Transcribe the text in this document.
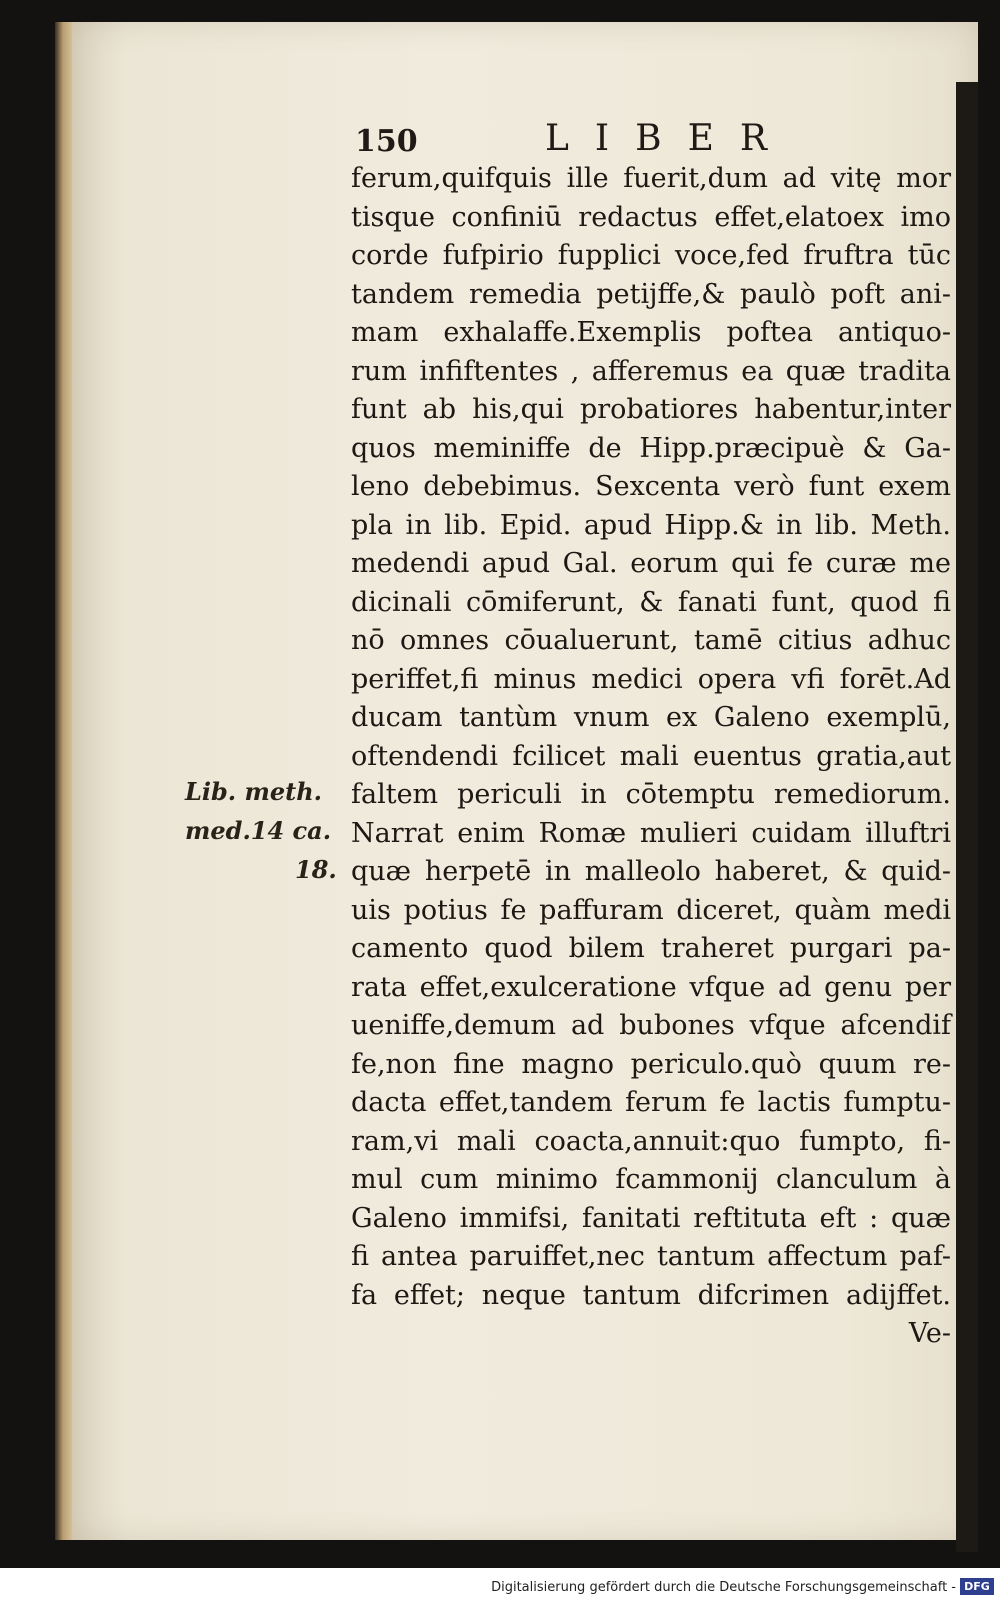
150	LIBER
ferum,quifquis ille fuerit,dum ad vitę mor
tisque confiniū redactus effet,elatoex imo
corde fufpirio fupplici voce,fed fruftra tūc
tandem remedia petijffe,& paulò poft ani-
mam exhalaffe.Exemplis poftea antiquo-
rum infiftentes , afferemus ea quæ tradita
funt ab his,qui probatiores habentur,inter
quos meminiffe de Hipp.præcipuè & Ga-
leno debebimus. Sexcenta verò funt exem
pla in lib. Epid. apud Hipp.& in lib. Meth.
medendi apud Gal. eorum qui fe curæ me
dicinali cōmiferunt, & fanati funt, quod fi
nō omnes cōualuerunt, tamē citius adhuc
periffet,fi minus medici opera vfi forēt.Ad
ducam tantùm vnum ex Galeno exemplū,
oftendendi fcilicet mali euentus gratia,aut
faltem periculi in cōtemptu remediorum.
Narrat enim Romæ mulieri cuidam illuftri
quæ herpetē in malleolo haberet, & quid-
uis potius fe paffuram diceret, quàm medi
camento quod bilem traheret purgari pa-
rata effet,exulceratione vfque ad genu per
ueniffe,demum ad bubones vfque afcendif
fe,non fine magno periculo.quò quum re-
dacta effet,tandem ferum fe lactis fumptu-
ram,vi mali coacta,annuit:quo fumpto, fi-
mul cum minimo fcammonij clanculum à
Galeno immifsi, fanitati reftituta eft : quæ
fi antea paruiffet,nec tantum affectum paf-
fa effet; neque tantum difcrimen adijffet.
Ve-
Lib. meth.
med.14 ca.
18.
Digitalisierung gefördert durch die Deutsche Forschungsgemeinschaft - DFG
